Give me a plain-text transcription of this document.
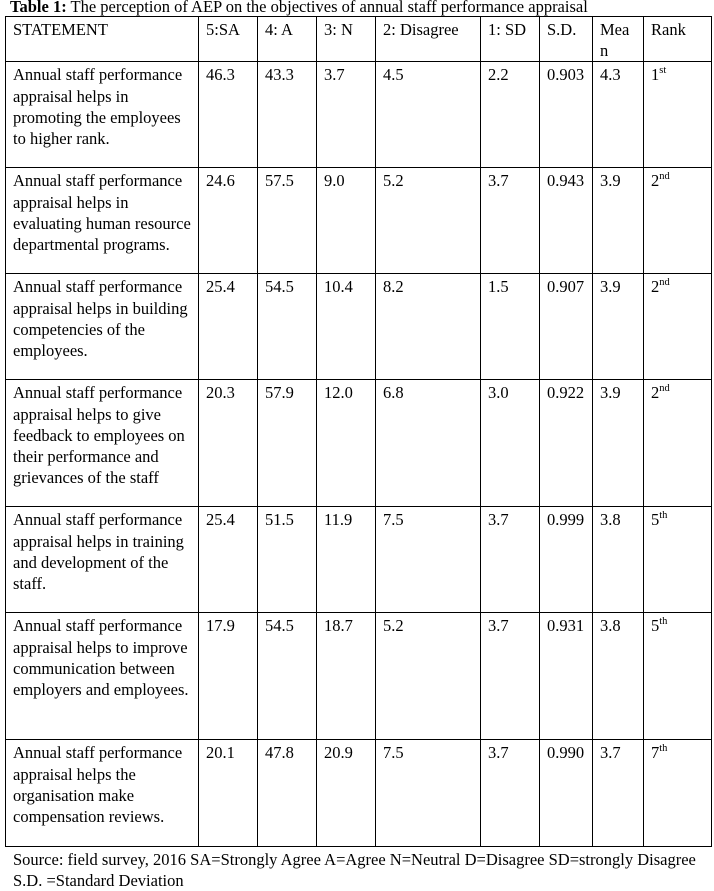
Table 1: The perception of AEP on the objectives of annual staff performance appraisal
STATEMENT	5:SA	4: A	3: N	2: Disagree	1: SD	S.D.	Mean	Rank
Annual staff performance appraisal helps in promoting the employees to higher rank.	46.3	43.3	3.7	4.5	2.2	0.903	4.3	1st
Annual staff performance appraisal helps in evaluating human resource departmental programs.	24.6	57.5	9.0	5.2	3.7	0.943	3.9	2nd
Annual staff performance appraisal helps in building competencies of the employees.	25.4	54.5	10.4	8.2	1.5	0.907	3.9	2nd
Annual staff performance appraisal helps to give feedback to employees on their performance and grievances of the staff	20.3	57.9	12.0	6.8	3.0	0.922	3.9	2nd
Annual staff performance appraisal helps in training and development of the staff.	25.4	51.5	11.9	7.5	3.7	0.999	3.8	5th
Annual staff performance appraisal helps to improve communication between employers and employees.	17.9	54.5	18.7	5.2	3.7	0.931	3.8	5th
Annual staff performance appraisal helps the organisation make compensation reviews.	20.1	47.8	20.9	7.5	3.7	0.990	3.7	7th
Source: field survey, 2016 SA=Strongly Agree A=Agree N=Neutral D=Disagree SD=strongly Disagree S.D. =Standard Deviation
